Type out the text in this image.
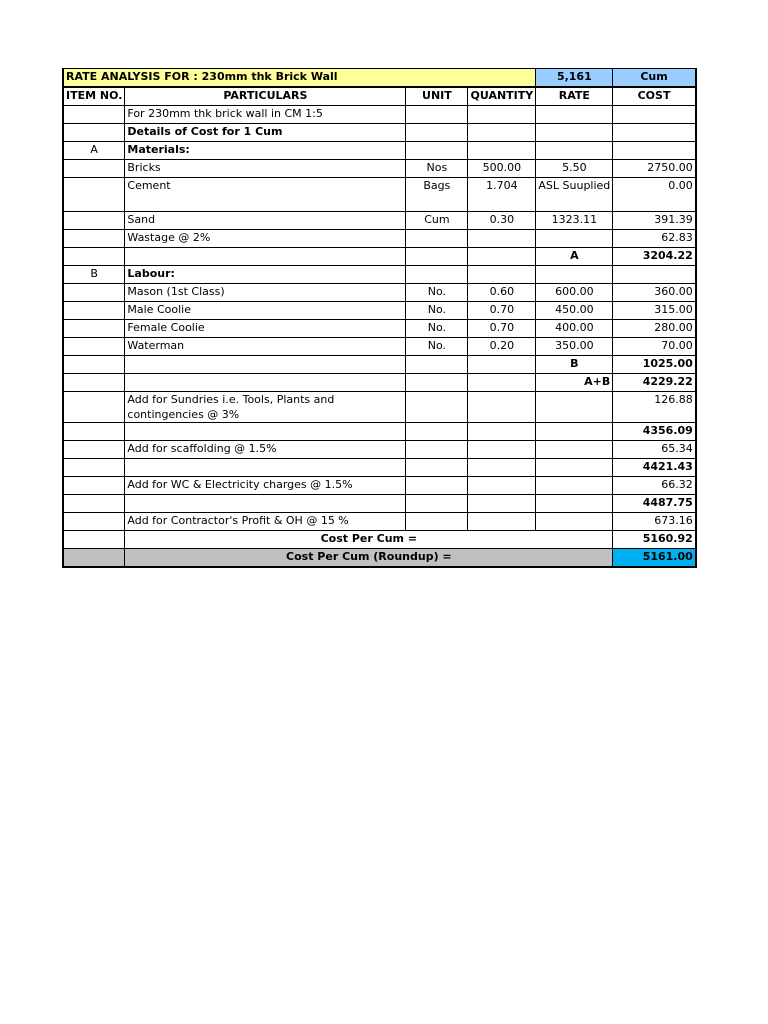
RATE ANALYSIS FOR : 230mm thk Brick Wall				5,161	Cum
ITEM NO.	PARTICULARS	UNIT	QUANTITY	RATE	COST
	For 230mm thk brick wall in CM 1:5				
	Details of Cost for 1 Cum				
A	Materials:				
	Bricks	Nos	500.00	5.50	2750.00
	Cement	Bags	1.704	ASL Suuplied	0.00
	Sand	Cum	0.30	1323.11	391.39
	Wastage @ 2%				62.83
				A	3204.22
B	Labour:				
	Mason (1st Class)	No.	0.60	600.00	360.00
	Male Coolie	No.	0.70	450.00	315.00
	Female Coolie	No.	0.70	400.00	280.00
	Waterman	No.	0.20	350.00	70.00
				B	1025.00
				A+B	4229.22
	Add for Sundries i.e. Tools, Plants and contingencies @ 3%				126.88
					4356.09
	Add for scaffolding @ 1.5%				65.34
					4421.43
	Add for WC & Electricity charges @ 1.5%				66.32
					4487.75
	Add for Contractor's Profit & OH @ 15 %				673.16
	Cost Per Cum =				5160.92
	Cost Per Cum (Roundup) =				5161.00
